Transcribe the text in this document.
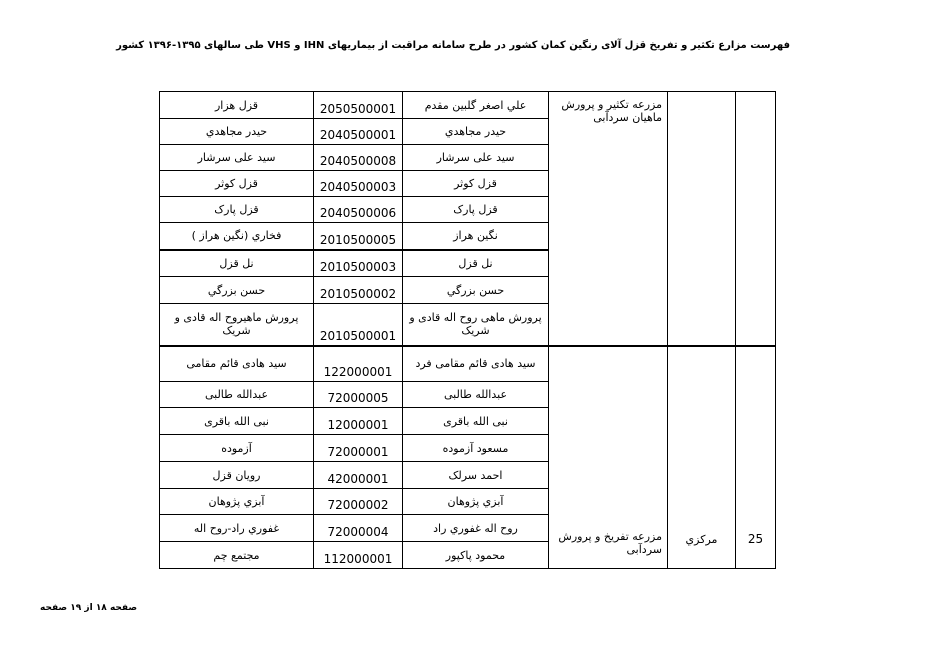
فهرست مزارع تکثیر و تفریخ قزل آلای رنگین کمان کشور در طرح سامانه مراقبت از بیماریهای IHN و VHS طی سالهای ۱۳۹۵-۱۳۹۶ کشور
		مزرعه تکثیر و پرورش ماهیان سردآبی	علي اصغر گلبين مقدم	2050500001	قزل هزار
			حيدر مجاهدي	2040500001	حيدر مجاهدي
			سيد علی سرشار	2040500008	سيد علی سرشار
			قزل کوثر	2040500003	قزل کوثر
			قزل پارک	2040500006	قزل پارک
			نگين هراز	2010500005	فخاري (نگين هراز )
			نل قزل	2010500003	نل قزل
			حسن بزرگي	2010500002	حسن بزرگي
			پرورش ماهی روح اله قادی و شريک	2010500001	پرورش ماهيروح اله قادی و شريک
25	مرکزي	مزرعه تفريخ و پرورش سردآبی	سيد هادی قائم مقامی فرد	122000001	سيد هادی قائم مقامی
			عبدالله طالبی	72000005	عبدالله طالبی
			نبی الله باقری	12000001	نبی الله باقری
			مسعود آزموده	72000001	آزموده
			احمد سرلک	42000001	رويان قزل
			آبزي پژوهان	72000002	آبزي پژوهان
			روح اله غفوري راد	72000004	غفوري راد-روح اله
			محمود پاکپور	112000001	مجتمع چم
صفحه ۱۸ از ۱۹ صفحه
